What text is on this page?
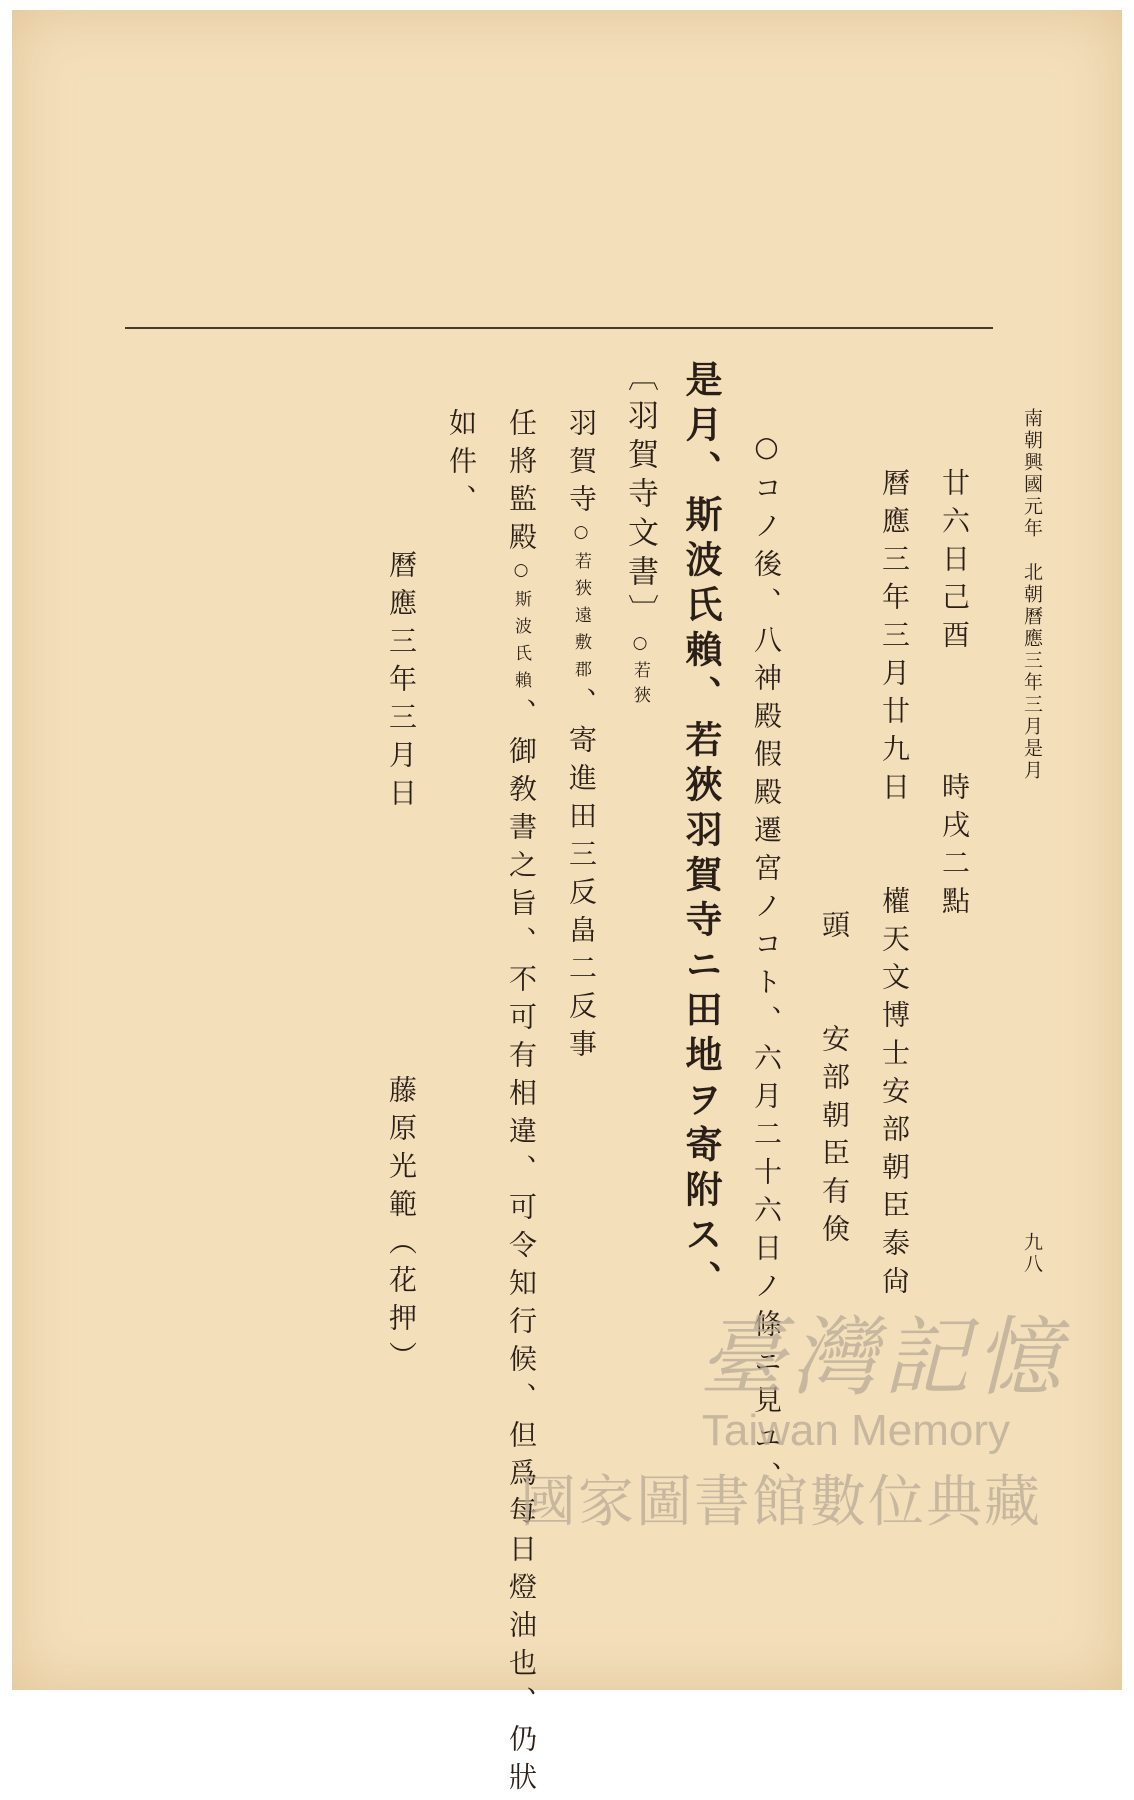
南朝興國元年　北朝曆應三年三月是月
九八
廿六日己酉　　　時戌二點
曆應三年三月廿九日　　權天文博士安部朝臣泰尙
頭　　安部朝臣有倹
○コノ後、八神殿假殿遷宮ノコト、六月二十六日ノ條ニ見ユ、
是月、斯波氏賴、若狹羽賀寺ニ田地ヲ寄附ス、
〔羽賀寺文書〕○若狹
羽賀寺○若狹遠敷郡、寄進田三反畠二反事
任將監殿○斯波氏賴、御敎書之旨、不可有相違、可令知行候、但爲每日燈油也、仍狀
如件、
曆應三年三月日
藤原光範（花押）	臺灣記憶
Taiwan Memory
國家圖書館數位典藏
